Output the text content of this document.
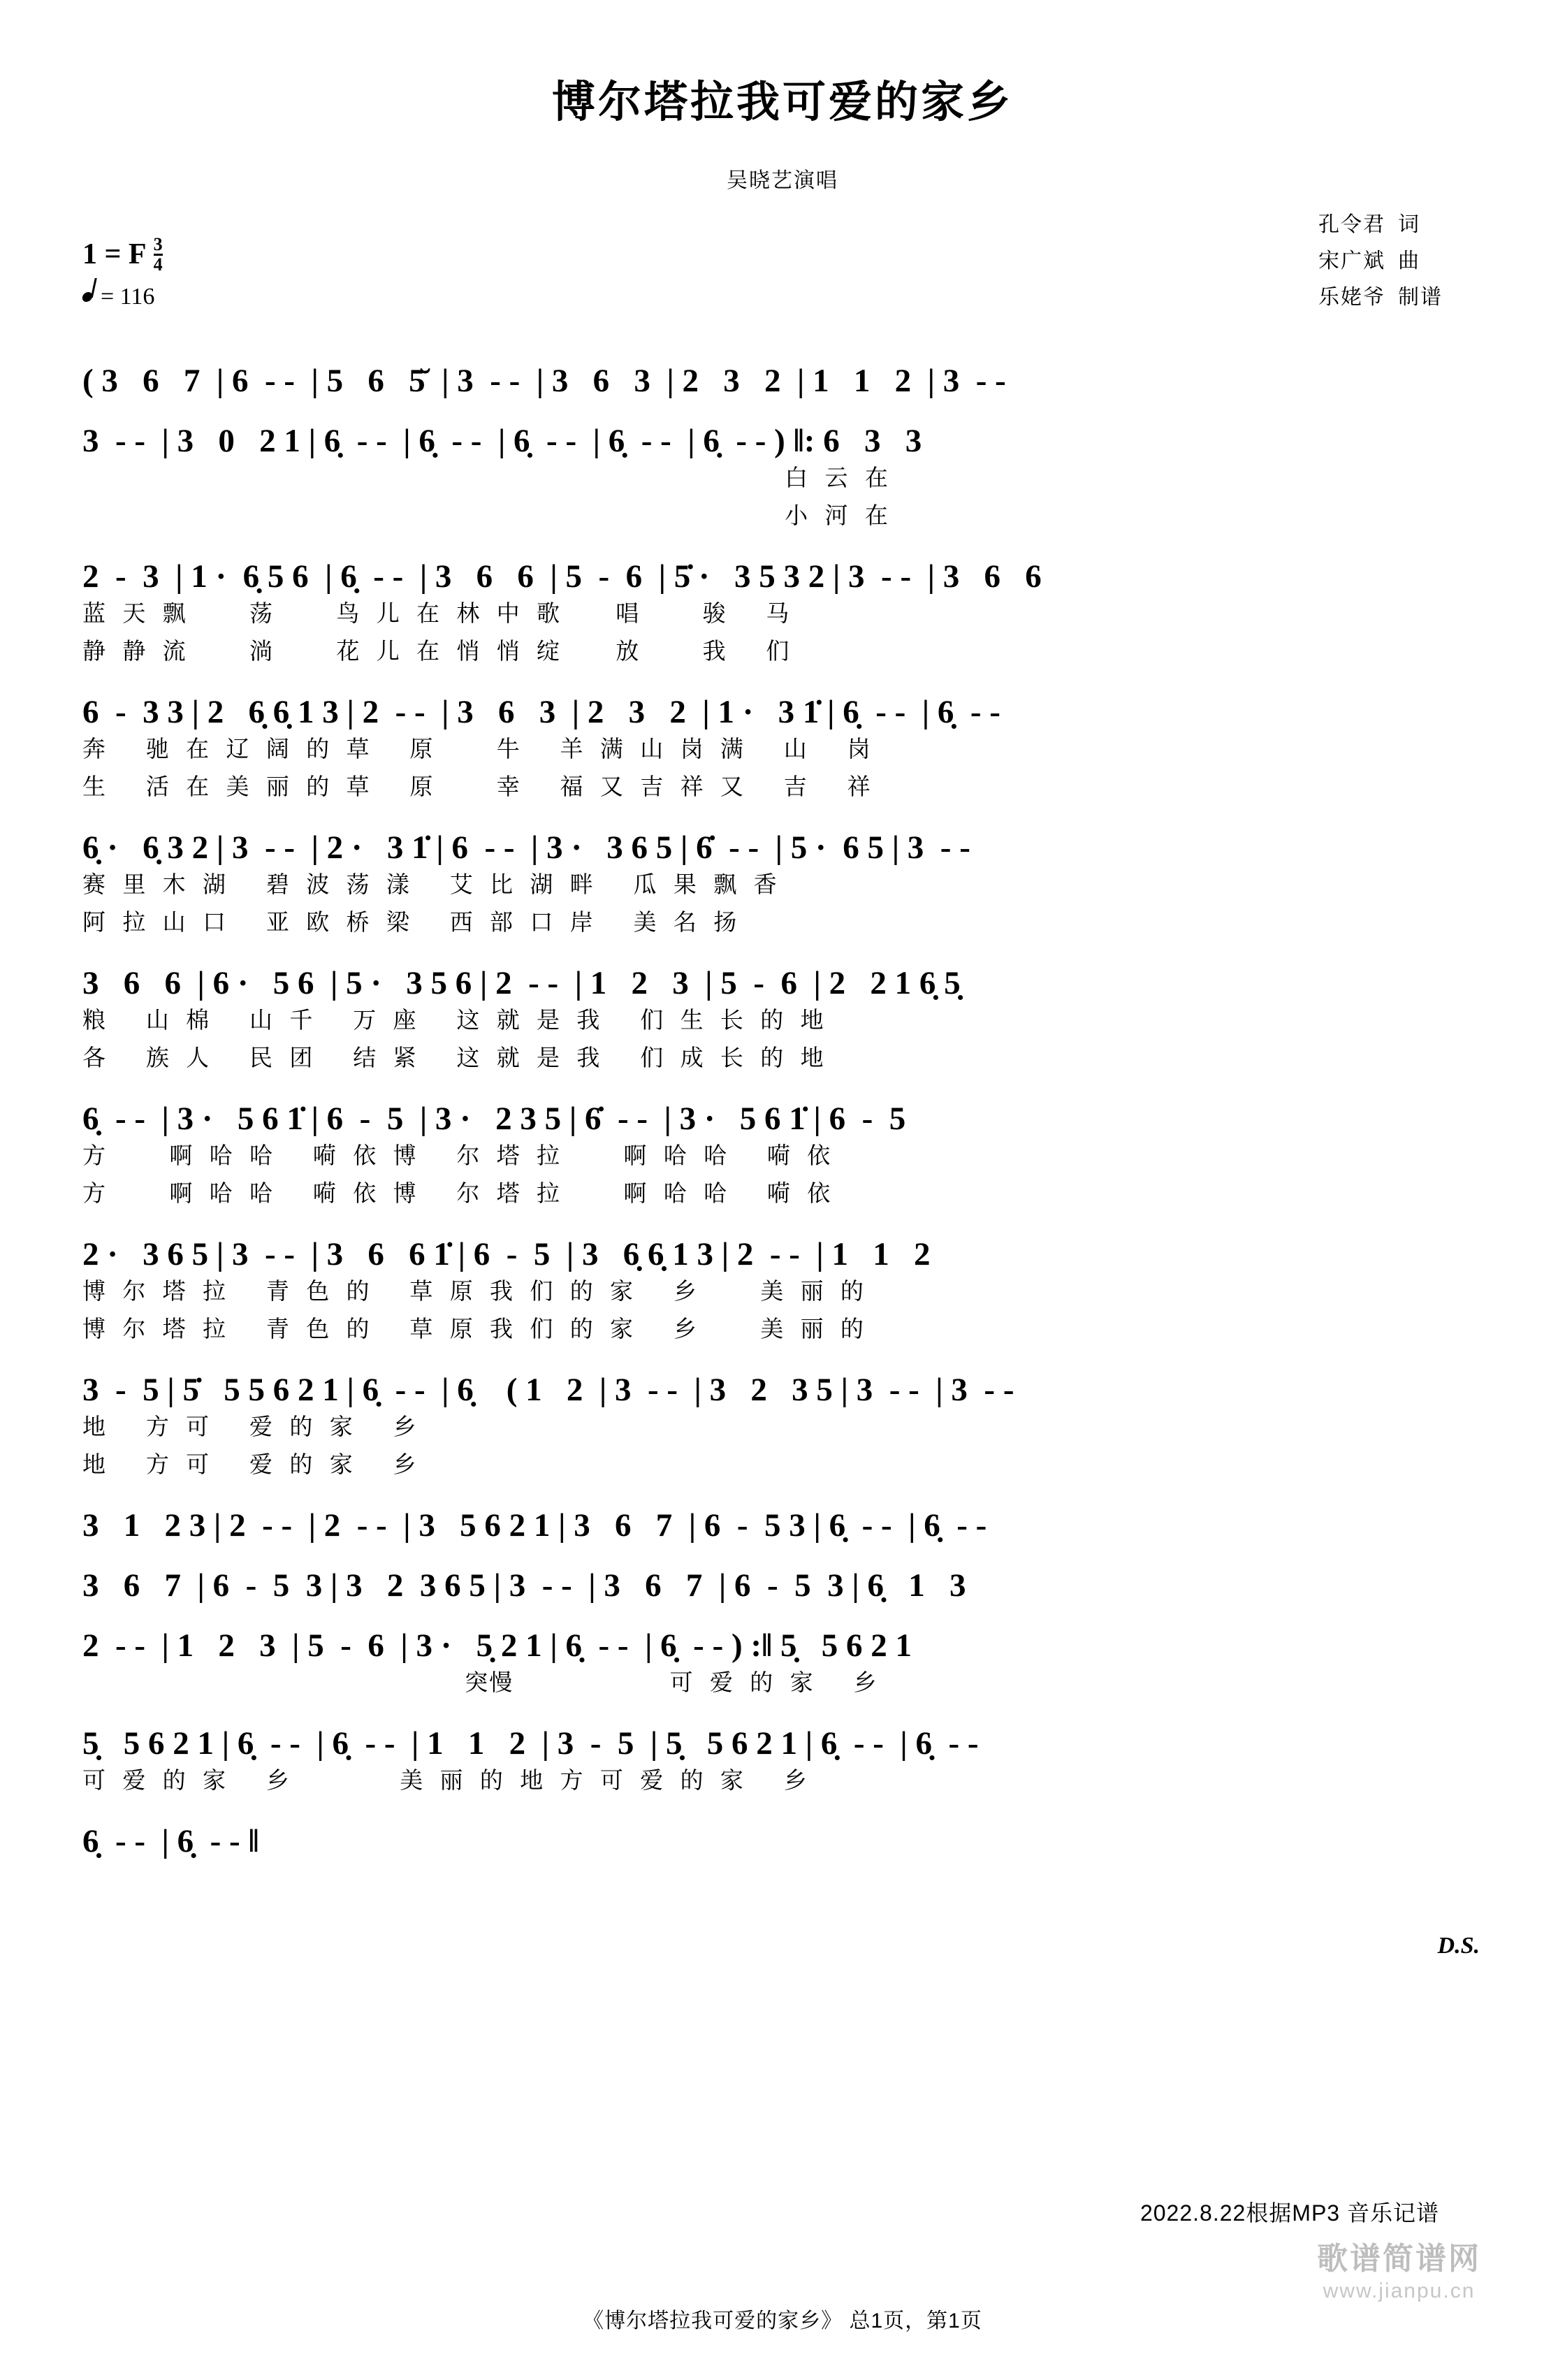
博尔塔拉我可爱的家乡
吴晓艺演唱
孔令君 词
宋广斌 曲
乐姥爷 制谱
1 = F $\frac{3}{4}$
= 116
( 3   6   7  | 6  - -  | 5   6   5̆  | 3  - -  | 3   6   3  | 2   3   2  | 1   1   2  | 3  - -
3  - -  | 3   0   2 1 | 6̣  - -  | 6̣  - -  | 6̣  - -  | 6̣  - -  | 6̣  - - ) ‖: 6   3   3
白  云  在
小  河  在
2  -  3  | 1 ·  6̣ 5 6  | 6̣  - -  | 3   6   6  | 5  -  6  | 5̇ ·   3 5 3 2 | 3  - -  | 3   6   6
蓝  天  飘        荡        鸟  儿  在  林  中  歌       唱        骏     马
静  静  流        淌        花  儿  在  悄  悄  绽       放        我     们
6  -  3 3 | 2   6̣ 6̣ 1 3 | 2  - -  | 3   6   3  | 2   3   2  | 1 ·   3 1̇ | 6̣  - -  | 6̣  - -
奔     驰  在  辽  阔  的  草     原        牛     羊  满  山  岗  满     山     岗
生     活  在  美  丽  的  草     原        幸     福  又  吉  祥  又     吉     祥
6̣ ·   6̣ 3 2 | 3  - -  | 2 ·   3 1̇ | 6  - -  | 3 ·   3 6 5 | 6̇  - -  | 5 ·  6 5 | 3  - -
赛  里  木  湖     碧  波  荡  漾     艾  比  湖  畔     瓜  果  飘  香
阿  拉  山  口     亚  欧  桥  梁     西  部  口  岸     美  名  扬
3   6   6  | 6 ·   5 6  | 5 ·   3 5 6 | 2  - -  | 1   2   3  | 5  -  6  | 2   2 1 6̣ 5̣
粮     山  棉     山  千     万  座     这  就  是  我     们  生  长  的  地
各     族  人     民  团     结  紧     这  就  是  我     们  成  长  的  地
6̣  - -  | 3 ·   5 6 1̇ | 6  -  5  | 3 ·   2 3 5 | 6̇  - -  | 3 ·   5 6 1̇ | 6  -  5
方        啊  哈  哈     嗬  依  博     尔  塔  拉        啊  哈  哈     嗬  依
方        啊  哈  哈     嗬  依  博     尔  塔  拉        啊  哈  哈     嗬  依
2 ·   3 6 5 | 3  - -  | 3   6   6 1̇ | 6  -  5  | 3   6̣ 6̣ 1 3 | 2  - -  | 1   1   2
博  尔  塔  拉     青  色  的     草  原  我  们  的  家     乡        美  丽  的
博  尔  塔  拉     青  色  的     草  原  我  们  的  家     乡        美  丽  的
3  -  5 | 5̇   5 5 6 2 1 | 6̣  - -  | 6̣    ( 1   2  | 3  - -  | 3   2   3 5 | 3  - -  | 3  - -
地     方  可     爱  的  家     乡
地     方  可     爱  的  家     乡
3   1   2 3 | 2  - -  | 2  - -  | 3   5 6 2 1 | 3   6   7  | 6  -  5 3 | 6̣  - -  | 6̣  - -
3   6   7  | 6  -  5  3 | 3   2  3 6 5 | 3  - -  | 3   6   7  | 6  -  5  3 | 6̣   1   3
2  - -  | 1   2   3  | 5  -  6  | 3 ·   5̣ 2 1 | 6̣  - -  | 6̣  - - ) :‖ 5̣   5 6 2 1
突慢                    可  爱  的  家     乡
5̣   5 6 2 1 | 6̣  - -  | 6̣  - -  | 1   1   2  | 3  -  5  | 5̣   5 6 2 1 | 6̣  - -  | 6̣  - -
可  爱  的  家     乡              美  丽  的  地  方  可  爱  的  家     乡
6̣  - -  | 6̣  - - ‖
D.S.
2022.8.22根据MP3 音乐记谱
歌谱简谱网
www.jianpu.cn
《博尔塔拉我可爱的家乡》 总1页，第1页
